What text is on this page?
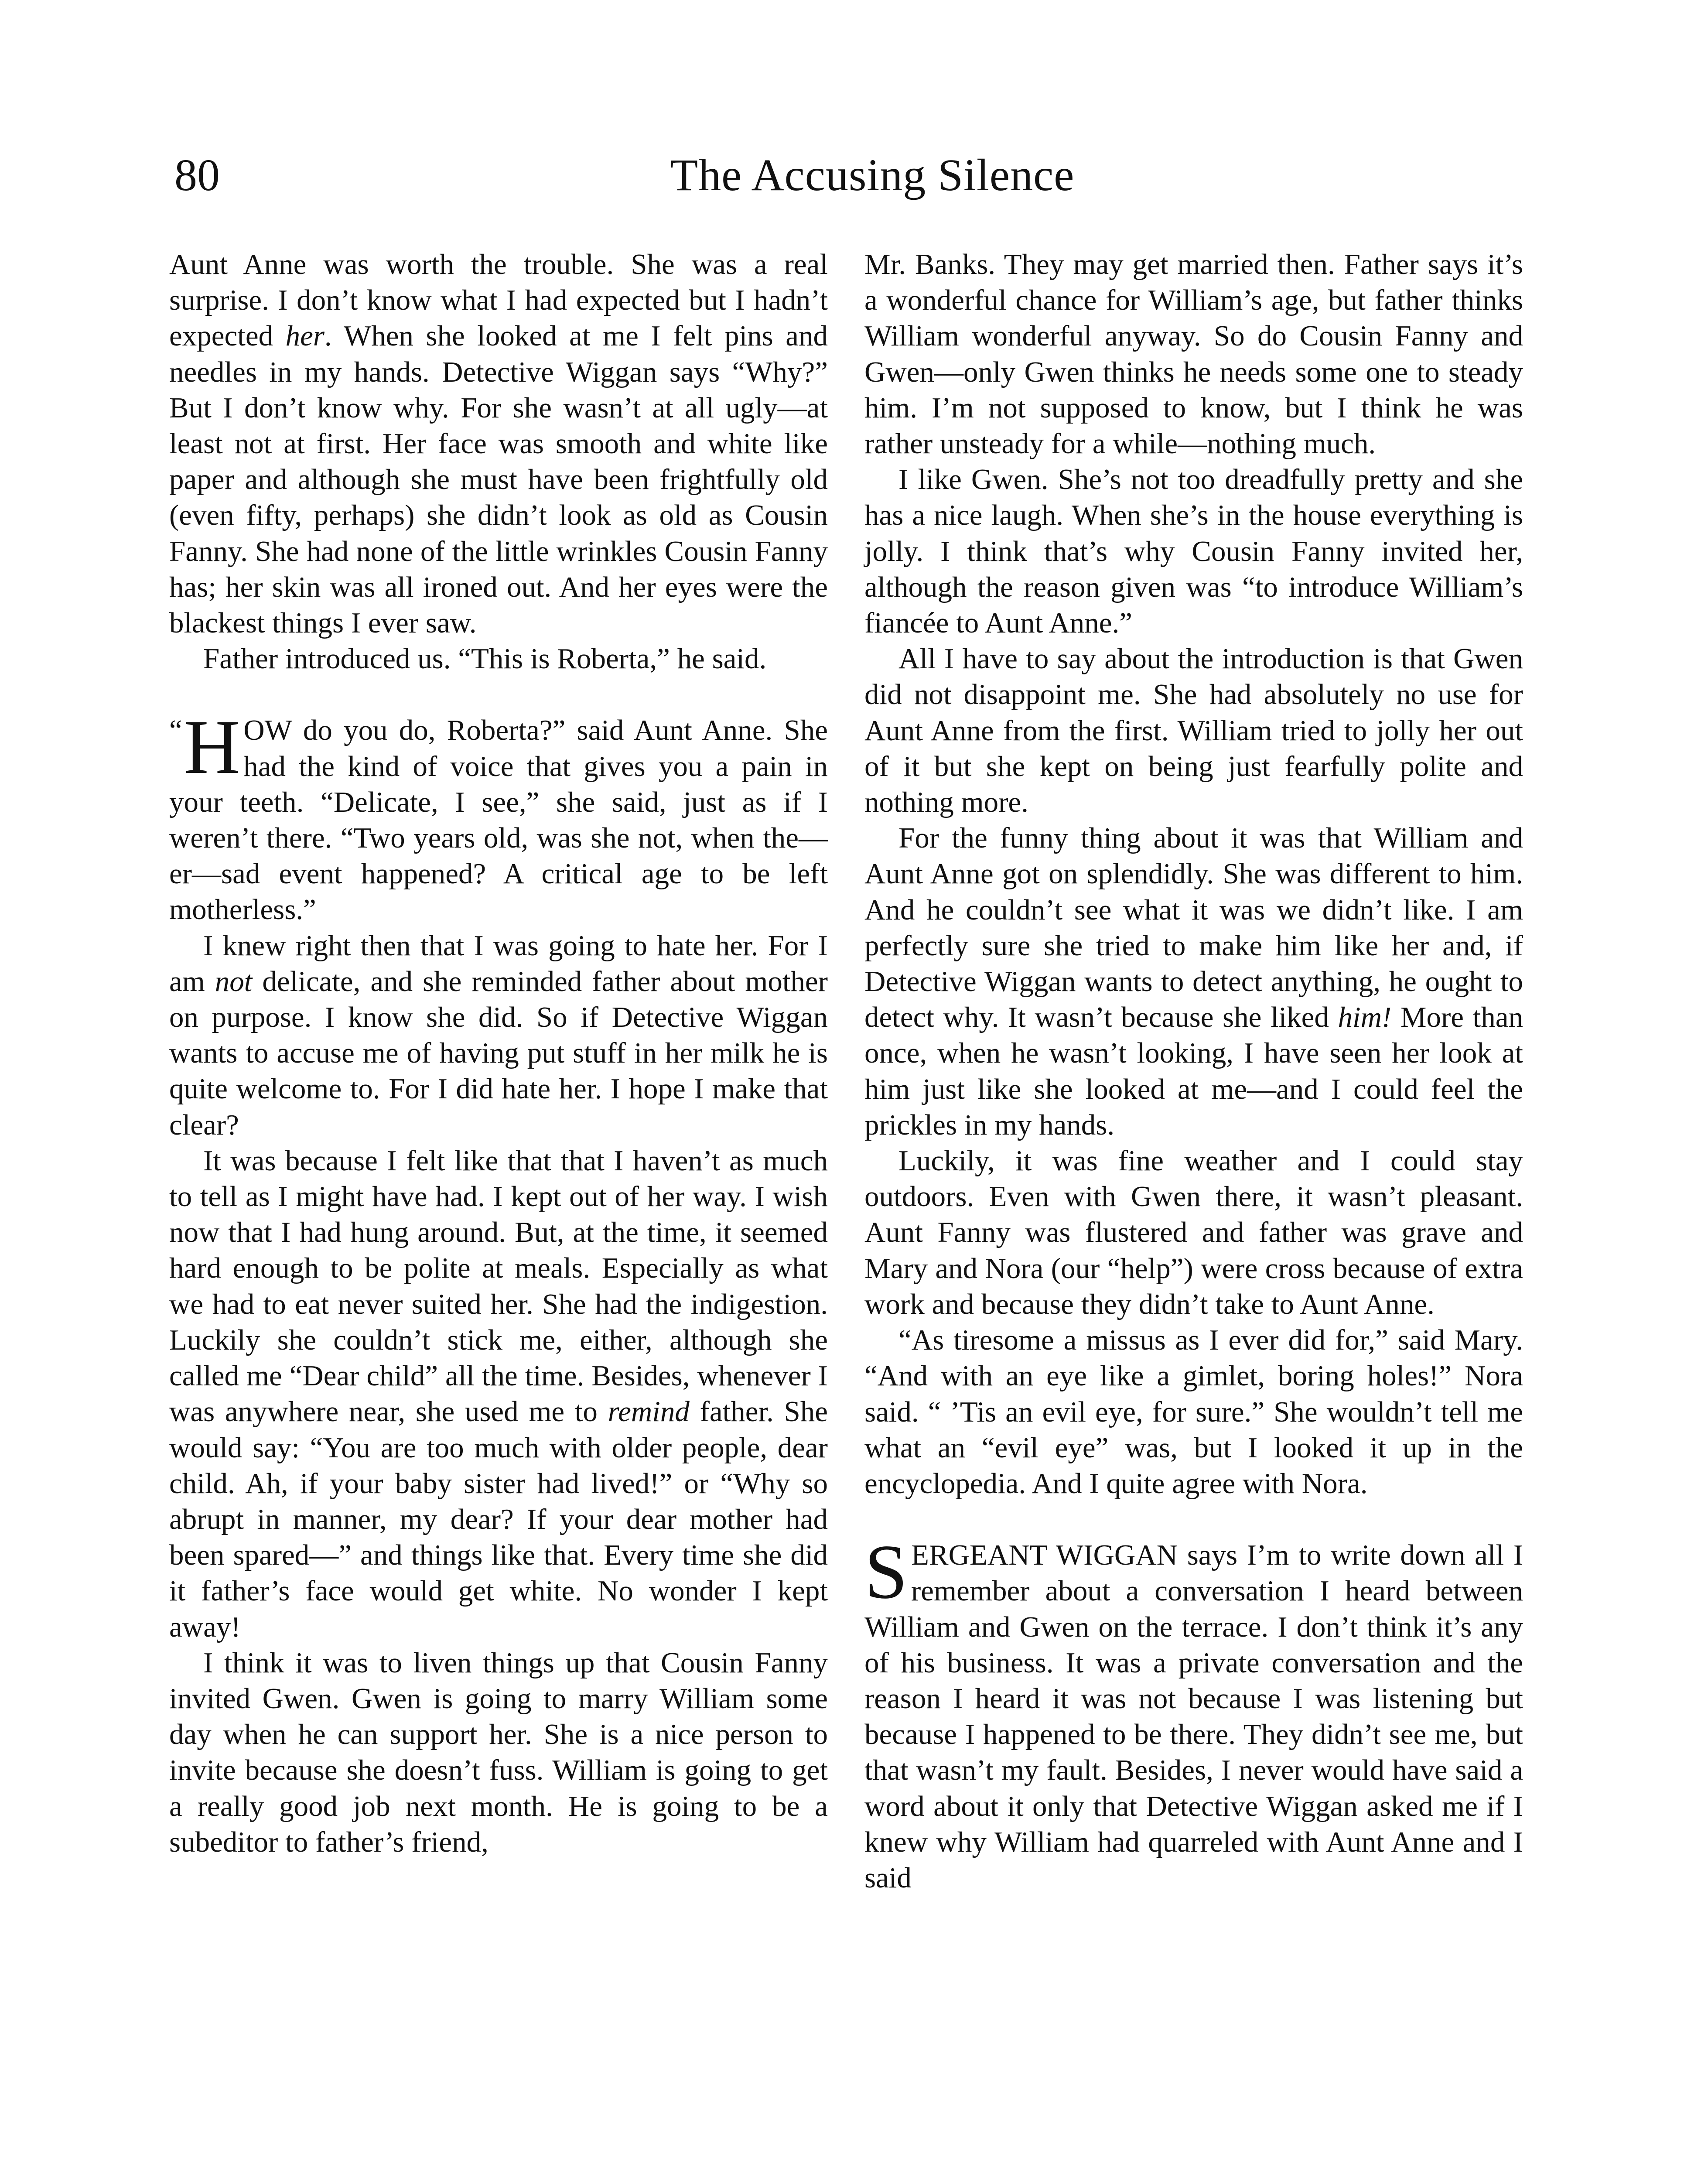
80	The Accusing Silence

Aunt Anne was worth the trouble. She was a real surprise. I don’t know what I had expected but I hadn’t expected her. When she looked at me I felt pins and needles in my hands. Detective Wiggan says “Why?” But I don’t know why. For she wasn’t at all ugly—at least not at first. Her face was smooth and white like paper and although she must have been frightfully old (even fifty, perhaps) she didn’t look as old as Cousin Fanny. She had none of the little wrinkles Cousin Fanny has; her skin was all ironed out. And her eyes were the blackest things I ever saw.

Father introduced us. “This is Roberta,” he said.

“ H OW do you do, Roberta?” said Aunt Anne. She had the kind of voice that gives you a pain in your teeth. “Delicate, I see,” she said, just as if I weren’t there. “Two years old, was she not, when the—er—sad event happened? A critical age to be left motherless.”

I knew right then that I was going to hate her. For I am not delicate, and she reminded father about mother on purpose. I know she did. So if Detective Wiggan wants to accuse me of having put stuff in her milk he is quite welcome to. For I did hate her. I hope I make that clear?

It was because I felt like that that I haven’t as much to tell as I might have had. I kept out of her way. I wish now that I had hung around. But, at the time, it seemed hard enough to be polite at meals. Especially as what we had to eat never suited her. She had the indigestion. Luckily she couldn’t stick me, either, although she called me “Dear child” all the time. Besides, whenever I was anywhere near, she used me to remind father. She would say: “You are too much with older people, dear child. Ah, if your baby sister had lived!” or “Why so abrupt in manner, my dear? If your dear mother had been spared—” and things like that. Every time she did it father’s face would get white. No wonder I kept away!

I think it was to liven things up that Cousin Fanny invited Gwen. Gwen is going to marry William some day when he can support her. She is a nice person to invite because she doesn’t fuss. William is going to get a really good job next month. He is going to be a subeditor to father’s friend,

Mr. Banks. They may get married then. Father says it’s a wonderful chance for William’s age, but father thinks William wonderful anyway. So do Cousin Fanny and Gwen—only Gwen thinks he needs some one to steady him. I’m not supposed to know, but I think he was rather unsteady for a while—nothing much.

I like Gwen. She’s not too dreadfully pretty and she has a nice laugh. When she’s in the house everything is jolly. I think that’s why Cousin Fanny invited her, although the reason given was “to introduce William’s fiancée to Aunt Anne.”

All I have to say about the introduction is that Gwen did not disappoint me. She had absolutely no use for Aunt Anne from the first. William tried to jolly her out of it but she kept on being just fearfully polite and nothing more.

For the funny thing about it was that William and Aunt Anne got on splendidly. She was different to him. And he couldn’t see what it was we didn’t like. I am perfectly sure she tried to make him like her and, if Detective Wiggan wants to detect anything, he ought to detect why. It wasn’t because she liked him! More than once, when he wasn’t looking, I have seen her look at him just like she looked at me—and I could feel the prickles in my hands.

Luckily, it was fine weather and I could stay outdoors. Even with Gwen there, it wasn’t pleasant. Aunt Fanny was flustered and father was grave and Mary and Nora (our “help”) were cross because of extra work and because they didn’t take to Aunt Anne.

“As tiresome a missus as I ever did for,” said Mary. “And with an eye like a gimlet, boring holes!” Nora said. “ ’Tis an evil eye, for sure.” She wouldn’t tell me what an “evil eye” was, but I looked it up in the encyclopedia. And I quite agree with Nora.

SERGEANT WIGGAN says I’m to write down all I remember about a conversation I heard between William and Gwen on the terrace. I don’t think it’s any of his business. It was a private conversation and the reason I heard it was not because I was listening but because I happened to be there. They didn’t see me, but that wasn’t my fault. Besides, I never would have said a word about it only that Detective Wiggan asked me if I knew why William had quarreled with Aunt Anne and I said
